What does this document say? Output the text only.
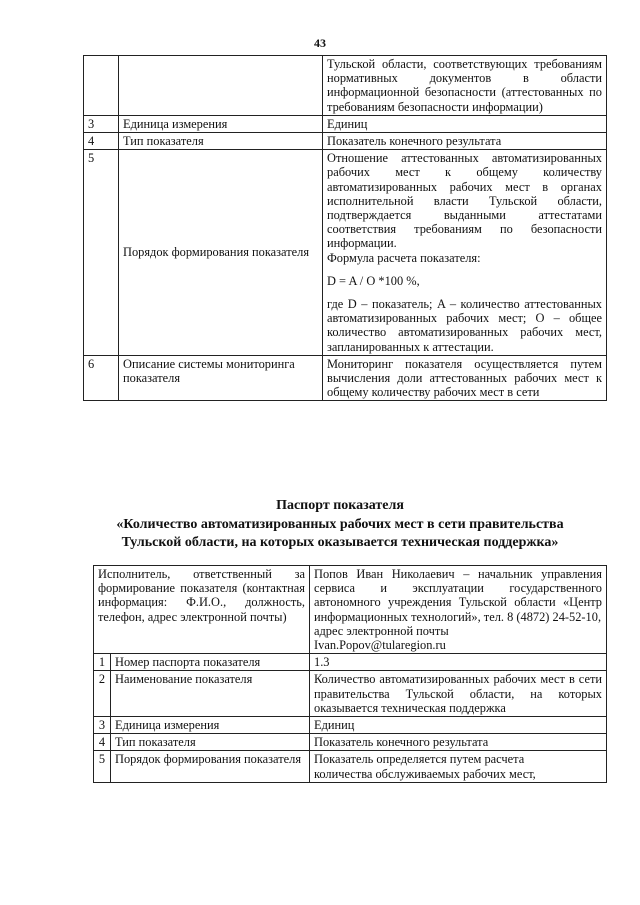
43
		Тульской области, соответствующих требованиям нормативных документов в области информационной безопасности (аттестованных по требованиям безопасности информации)
3	Единица измерения	Единиц
4	Тип показателя	Показатель конечного результата
5	Порядок формирования показателя	Отношение аттестованных автоматизированных рабочих мест к общему количеству автоматизированных рабочих мест в органах исполнительной власти Тульской области, подтверждается выданными аттестатами соответствия требованиям по безопасности информации.
Формула расчета показателя:
D = A / O *100 %,
где D – показатель; A – количество аттестованных автоматизированных рабочих мест; O – общее количество автоматизированных рабочих мест, запланированных к аттестации.

6	Описание системы мониторинга показателя	Мониторинг показателя осуществляется путем вычисления доли аттестованных рабочих мест к общему количеству рабочих мест в сети
Паспорт показателя
«Количество автоматизированных рабочих мест в сети правительства
Тульской области, на которых оказывается техническая поддержка»
Исполнитель, ответственный за формирование показателя (контактная информация: Ф.И.О., должность, телефон, адрес электронной почты)		Попов Иван Николаевич – начальник управления сервиса и эксплуатации государственного автономного учреждения Тульской области «Центр информационных технологий», тел. 8 (4872) 24-52-10,
адрес электронной почты
Ivan.Popov@tularegion.ru

1	Номер паспорта показателя	1.3
2	Наименование показателя	Количество автоматизированных рабочих мест в сети правительства Тульской области, на которых оказывается техническая поддержка
3	Единица измерения	Единиц
4	Тип показателя	Показатель конечного результата
5	Порядок формирования показателя	Показатель определяется путем расчета
количества обслуживаемых рабочих мест,
